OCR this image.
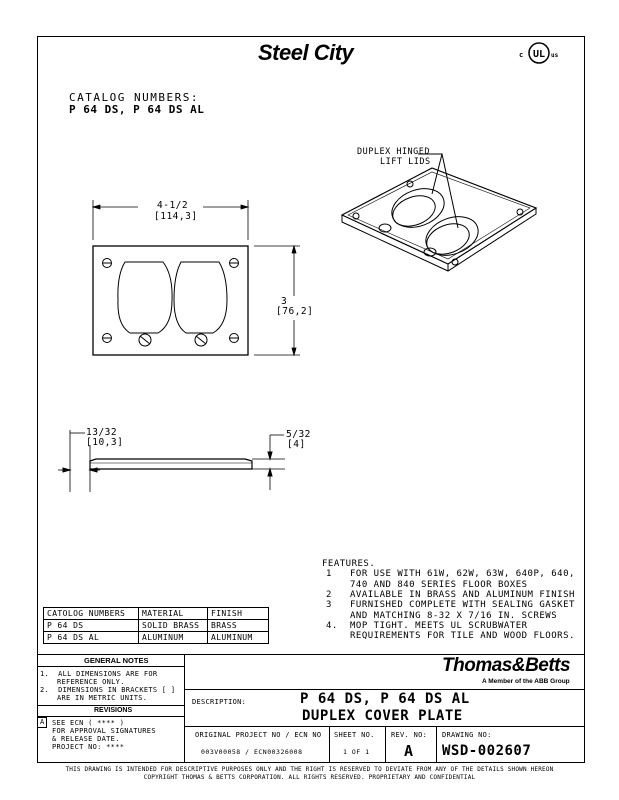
Steel City	UL
c	us
CATALOG NUMBERS:
P 64 DS, P 64 DS AL
DUPLEX HINGED
LIFT LIDS
4-1/2
[114,3]
3
[76,2]
13/32
[10,3]
5/32
[4]
FEATURES.
1 FOR USE WITH 61W, 62W, 63W, 640P, 640,
740 AND 840 SERIES FLOOR BOXES
2 AVAILABLE IN BRASS AND ALUMINUM FINISH
3 FURNISHED COMPLETE WITH SEALING GASKET
AND MATCHING 8-32 X 7/16 IN. SCREWS
4. MOP TIGHT. MEETS UL SCRUBWATER
REQUIREMENTS FOR TILE AND WOOD FLOORS.
CATOLOG NUMBERS	MATERIAL	FINISH
P 64 DS	SOLID BRASS	BRASS
P 64 DS AL	ALUMINUM	ALUMINUM
GENERAL NOTES
1. ALL DIMENSIONS ARE FOR
REFERENCE ONLY.
2. DIMENSIONS IN BRACKETS [ ]
ARE IN METRIC UNITS.
REVISIONS
A SEE ECN ( **** )
FOR APPROVAL SIGNATURES
& RELEASE DATE.
PROJECT NO: ****
Thomas&Betts
A Member of the ABB Group
DESCRIPTION:	P 64 DS, P 64 DS AL
DUPLEX COVER PLATE
ORIGINAL PROJECT NO / ECN NO
003V00058 / ECN00326008
SHEET NO.
1 OF 1
REV. NO:
A
DRAWING NO:
WSD-002607
THIS DRAWING IS INTENDED FOR DESCRIPTIVE PURPOSES ONLY AND THE RIGHT IS RESERVED TO DEVIATE FROM ANY OF THE DETAILS SHOWN HEREON
COPYRIGHT THOMAS & BETTS CORPORATION. ALL RIGHTS RESERVED. PROPRIETARY AND CONFIDENTIAL
